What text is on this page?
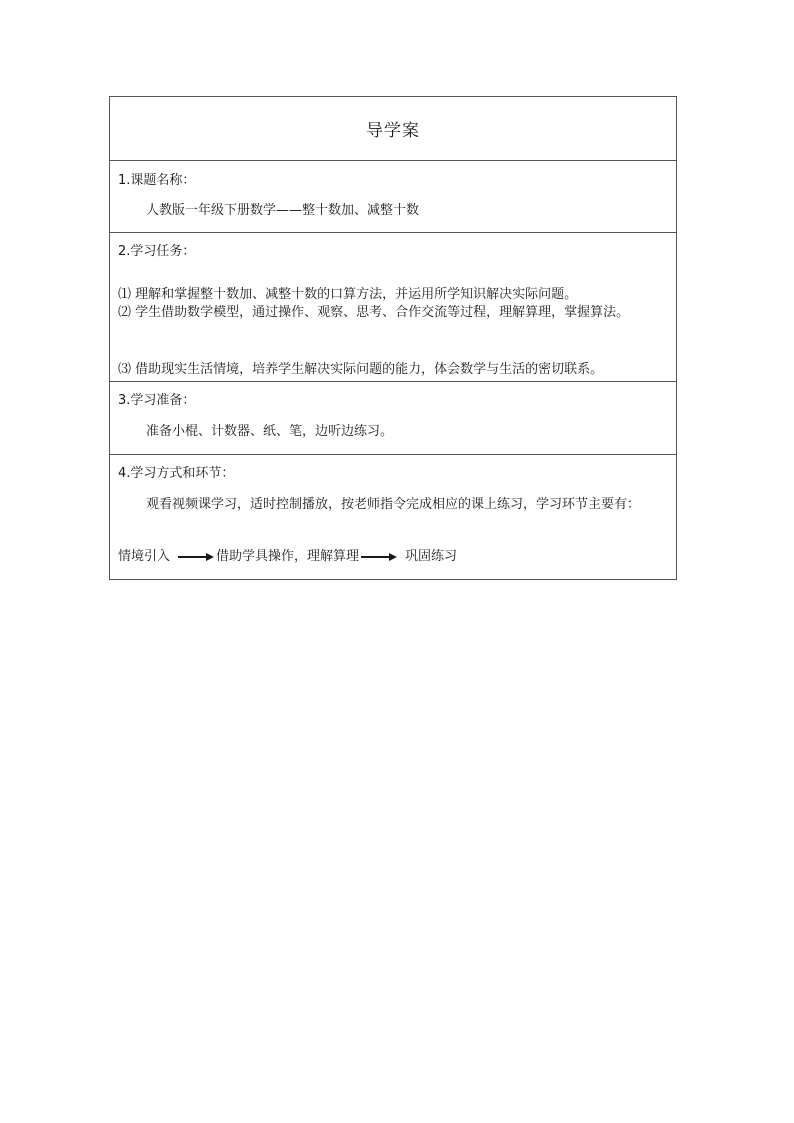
导学案
1.课题名称：
人教版一年级下册数学——整十数加、减整十数
2.学习任务：
⑴ 理解和掌握整十数加、减整十数的口算方法，并运用所学知识解决实际问题。
⑵ 学生借助数学模型，通过操作、观察、思考、合作交流等过程，理解算理，掌握算法。
⑶ 借助现实生活情境，培养学生解决实际问题的能力，体会数学与生活的密切联系。
3.学习准备：
准备小棍、计数器、纸、笔，边听边练习。
4.学习方式和环节：
观看视频课学习，适时控制播放，按老师指令完成相应的课上练习，学习环节主要有：
情境引入	借助学具操作，理解算理	巩固练习
